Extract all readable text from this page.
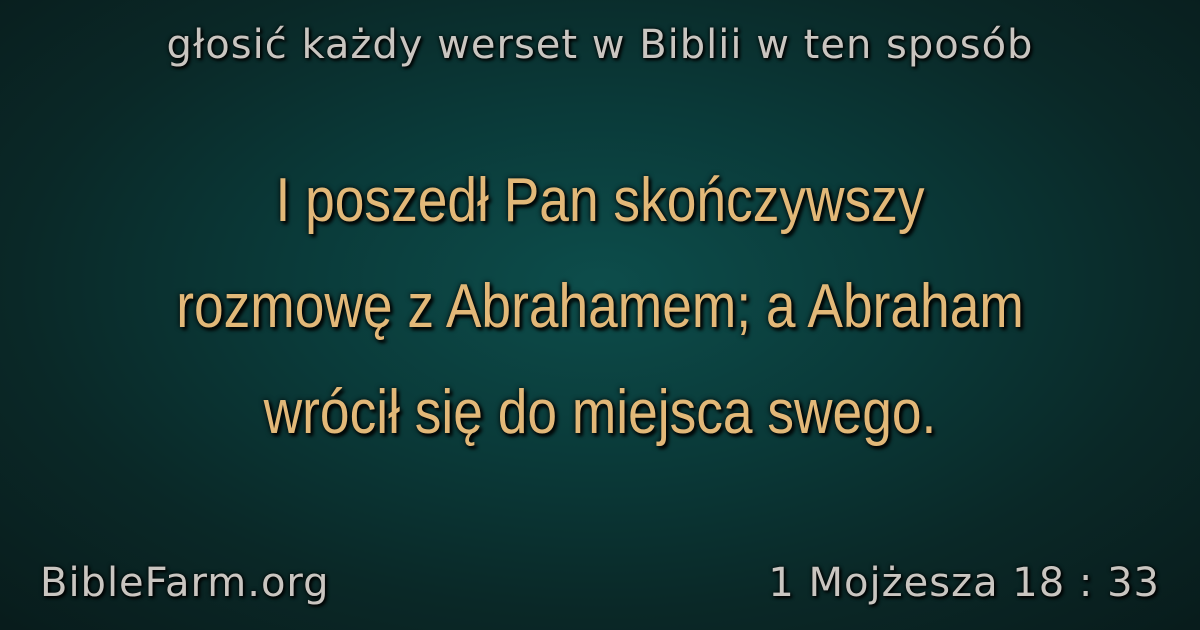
głosić każdy werset w Biblii w ten sposób
I poszedł Pan skończywszy
rozmowę z Abrahamem; a Abraham
wrócił się do miejsca swego.
BibleFarm.org	1 Mojżesza 18 : 33
